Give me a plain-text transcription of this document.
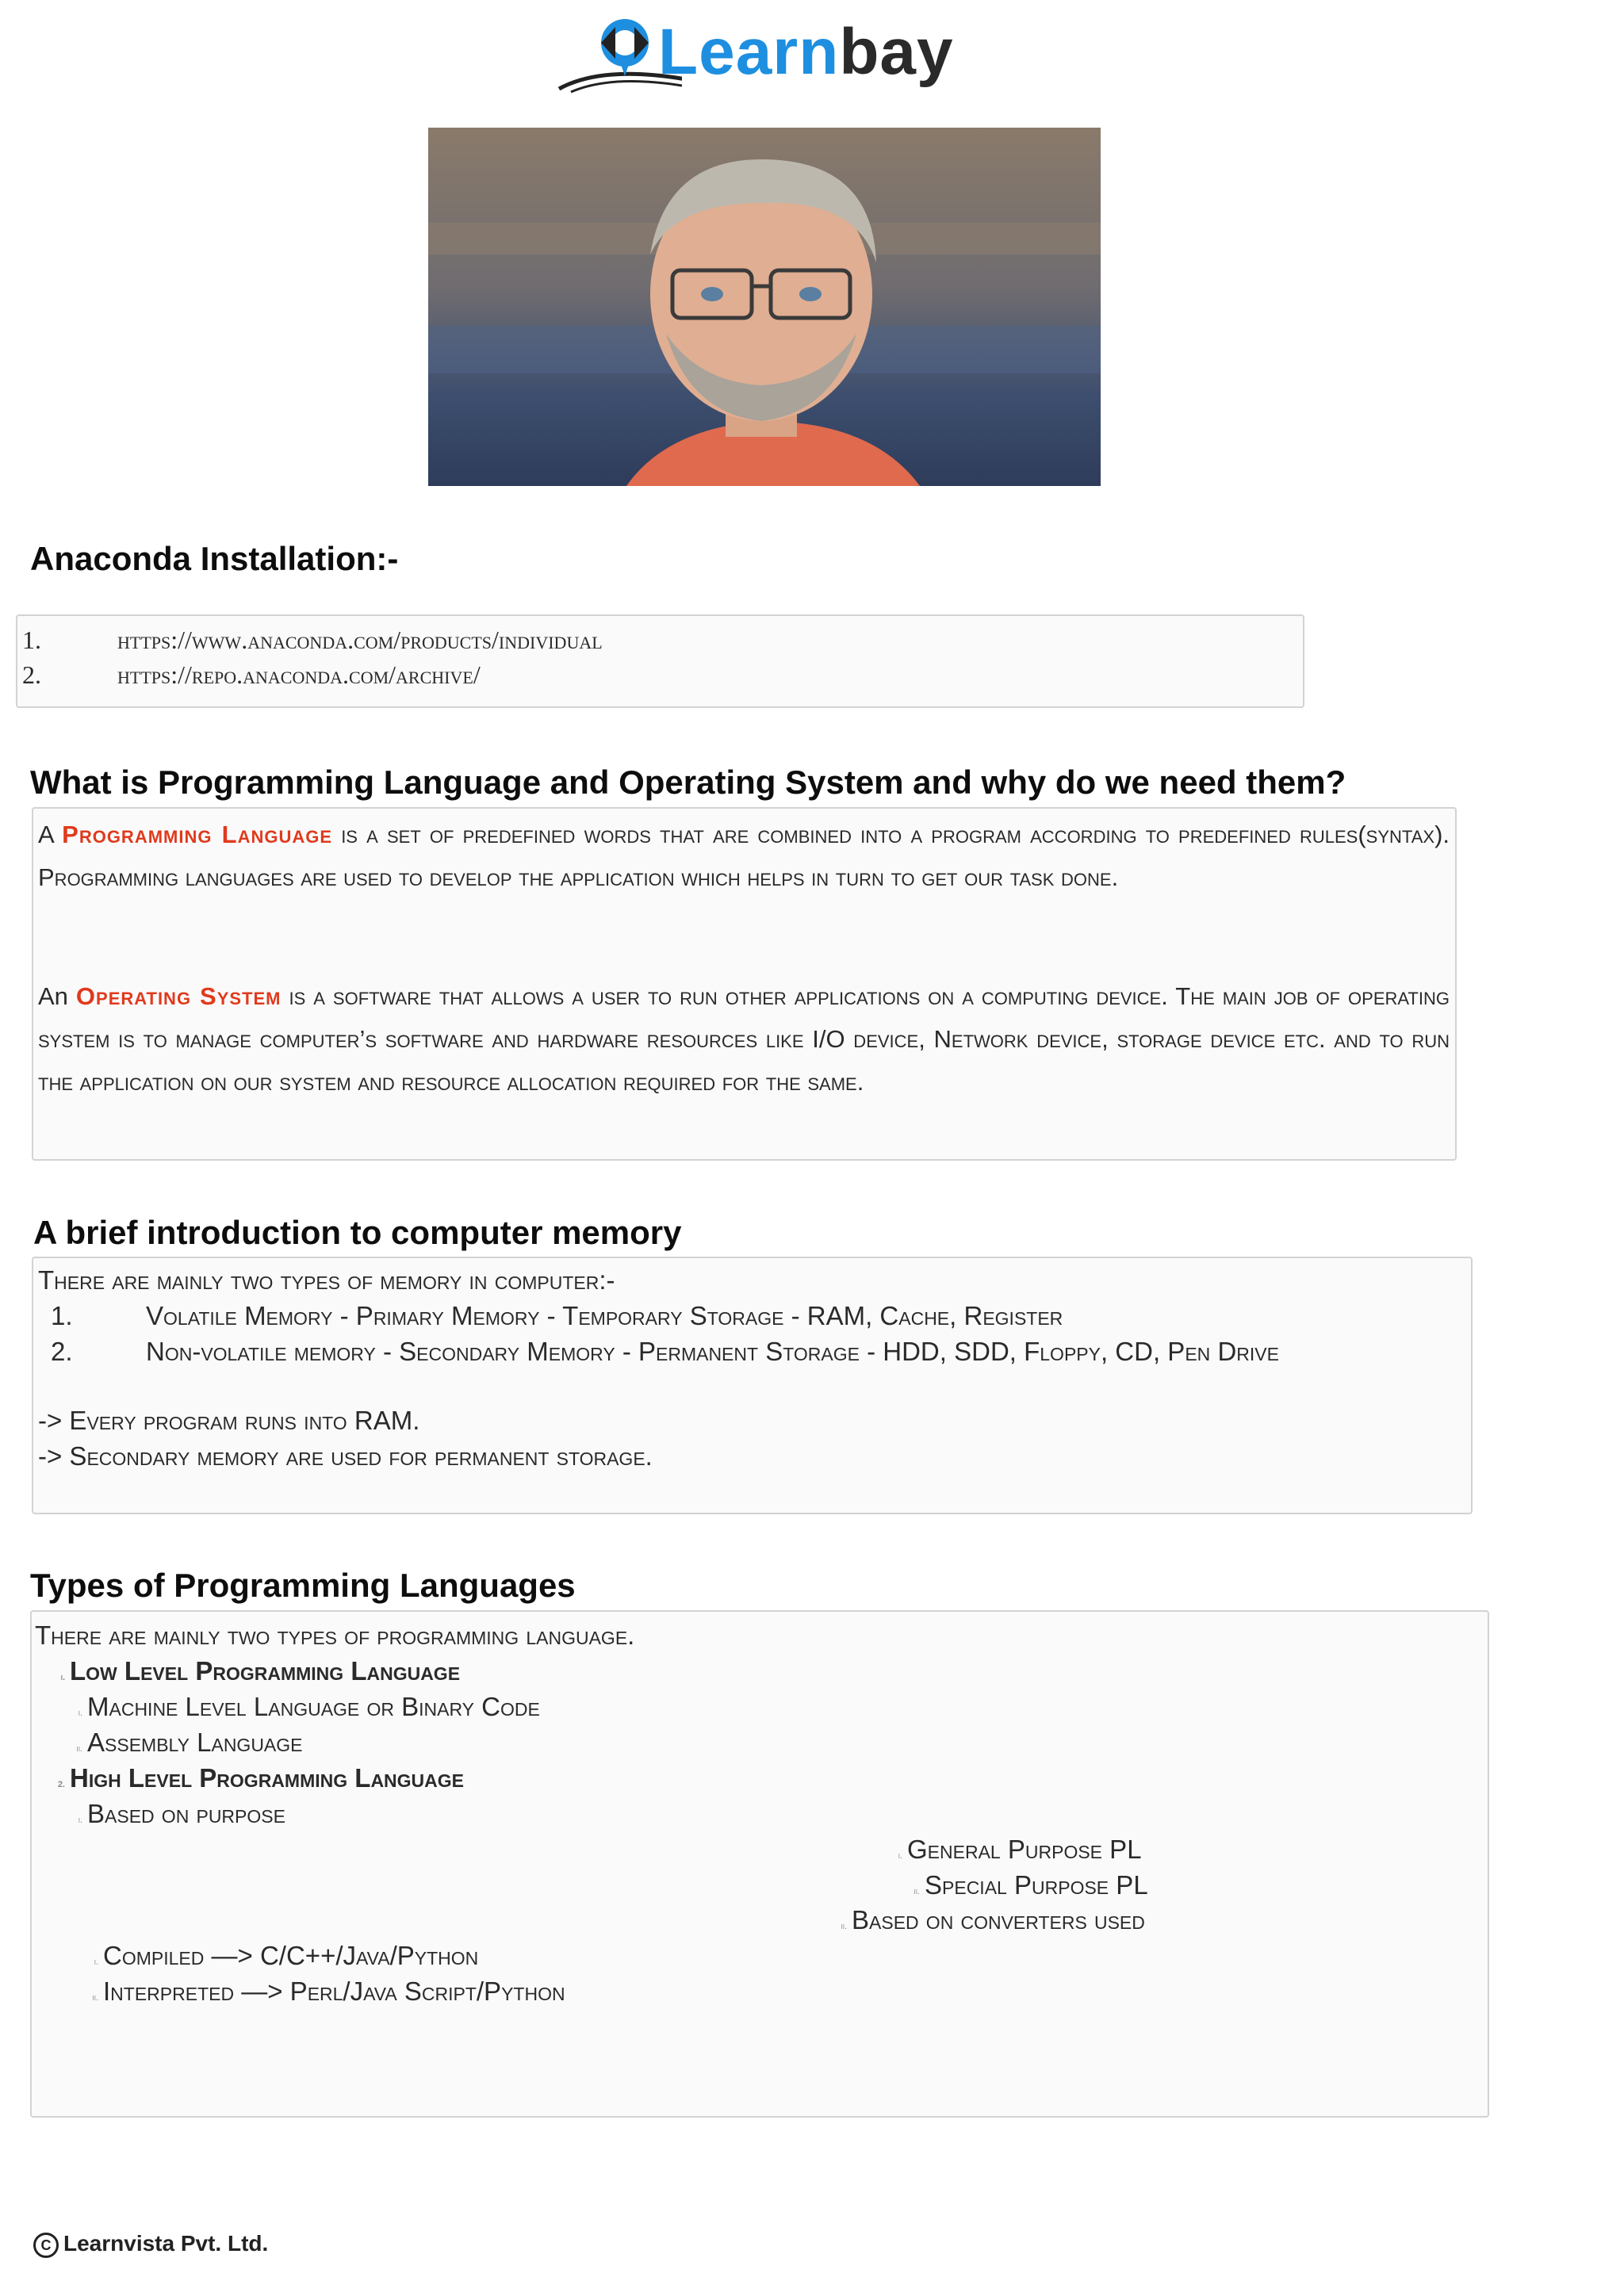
Learnbay
Anaconda Installation:-
1.	https://www.anaconda.com/products/individual
2.	https://repo.anaconda.com/archive/
What is Programming Language and Operating System and why do we need them?
A Programming Language is a set of predefined words that are combined into a program according to predefined rules(syntax). Programming languages are used to develop the application which helps in turn to get our task done.
An Operating System is a software that allows a user to run other applications on a computing device. The main job of operating system is to manage computer’s software and hardware resources like I/O device, Network device, storage device etc. and to run the application on our system and resource allocation required for the same.
A brief introduction to computer memory
There are mainly two types of memory in computer:-
1.	Volatile Memory - Primary Memory - Temporary Storage - RAM, Cache, Register
2.	Non-volatile memory - Secondary Memory - Permanent Storage - HDD, SDD, Floppy, CD, Pen Drive
-> Every program runs into RAM.
-> Secondary memory are used for permanent storage.
Types of Programming Languages
There are mainly two types of programming language.
i. Low Level Programming Language
i. Machine Level Language or Binary Code
ii. Assembly Language
2. High Level Programming Language
i. Based on purpose
i. General Purpose PL
ii. Special Purpose PL
ii. Based on converters used
i. Compiled —> C/C++/Java/Python
ii. Interpreted —> Perl/Java Script/Python
C Learnvista Pvt. Ltd.
